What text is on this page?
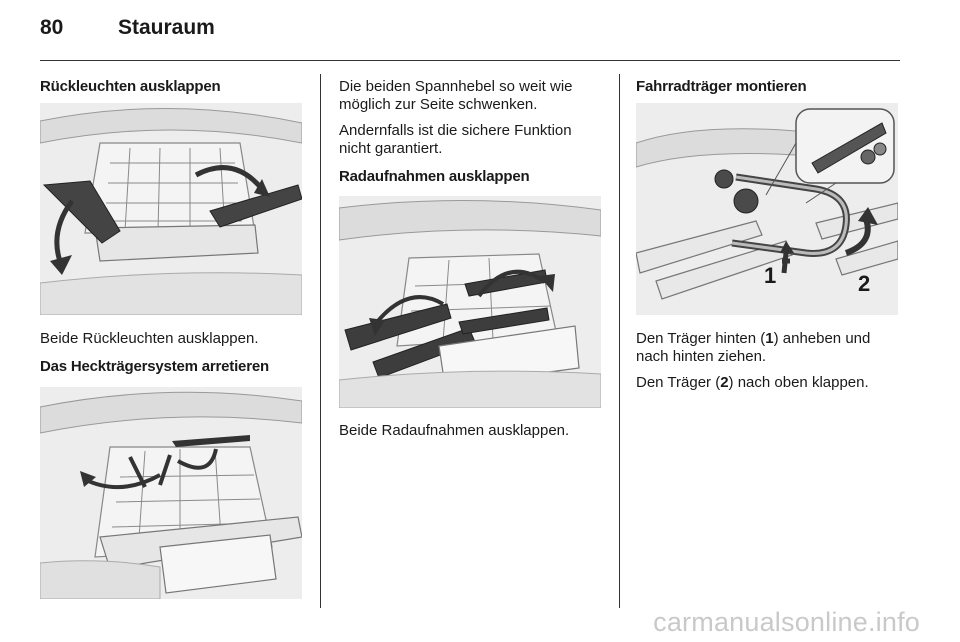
80	Stauraum
Rückleuchten ausklappen
Beide Rückleuchten ausklappen.
Das Heckträgersystem arretieren
Die beiden Spannhebel so weit wie möglich zur Seite schwenken.
Andernfalls ist die sichere Funktion nicht garantiert.
Radaufnahmen ausklappen
Beide Radaufnahmen ausklappen.
Fahrradträger montieren
1	2
Den Träger hinten (1) anheben und nach hinten ziehen.
Den Träger (2) nach oben klappen.
carmanualsonline.info
